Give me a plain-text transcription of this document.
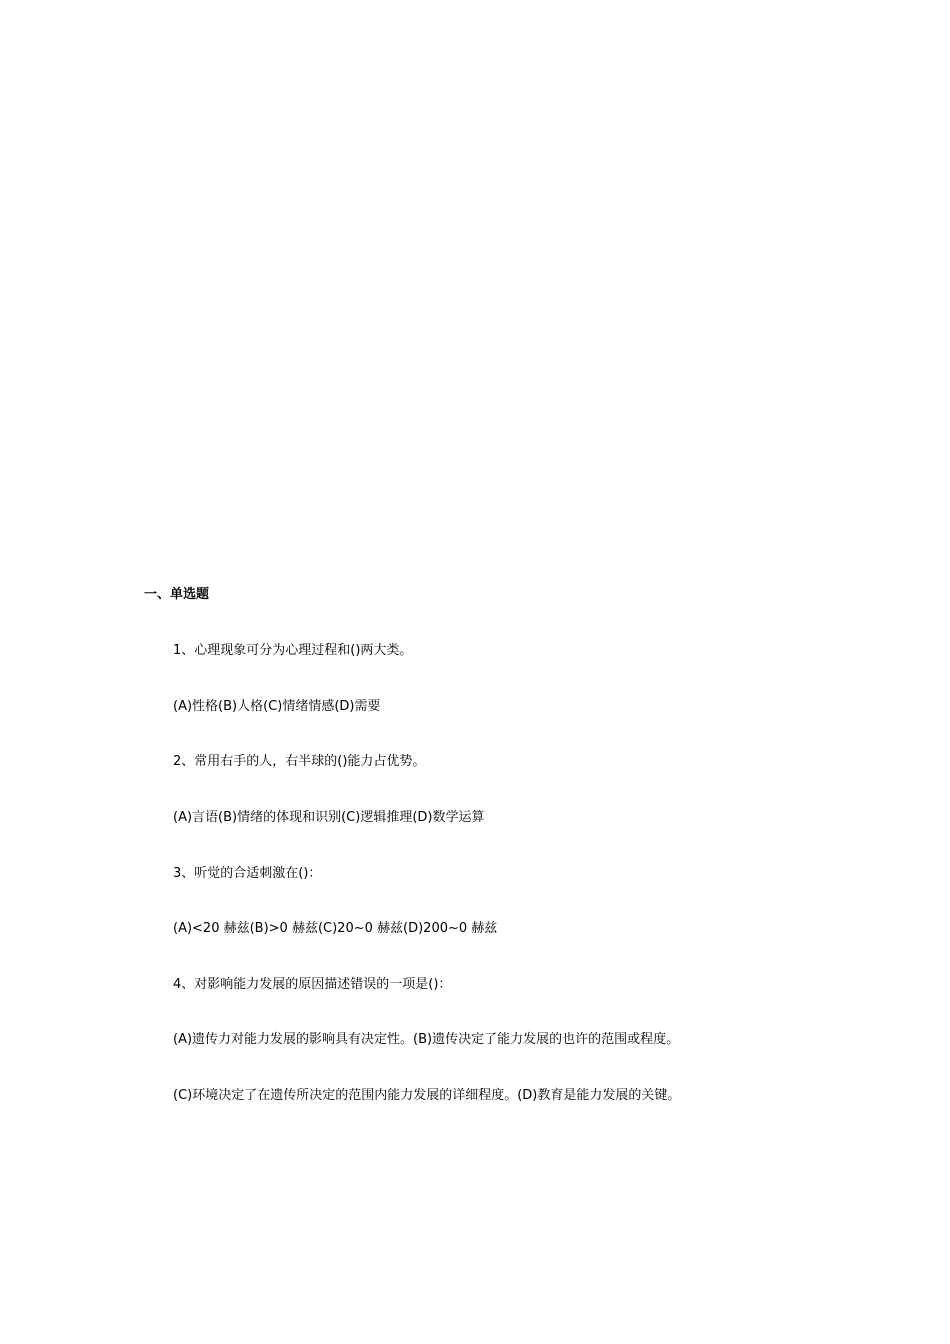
一、单选题
1、心理现象可分为心理过程和()两大类。
(A)性格(B)人格(C)情绪情感(D)需要
2、常用右手的人，右半球的()能力占优势。
(A)言语(B)情绪的体现和识别(C)逻辑推理(D)数学运算
3、听觉的合适刺激在()：
(A)<20 赫兹(B)>0 赫兹(C)20~0 赫兹(D)200~0 赫兹
4、对影响能力发展的原因描述错误的一项是()：
(A)遗传力对能力发展的影响具有决定性。(B)遗传决定了能力发展的也许的范围或程度。
(C)环境决定了在遗传所决定的范围内能力发展的详细程度。(D)教育是能力发展的关键。
